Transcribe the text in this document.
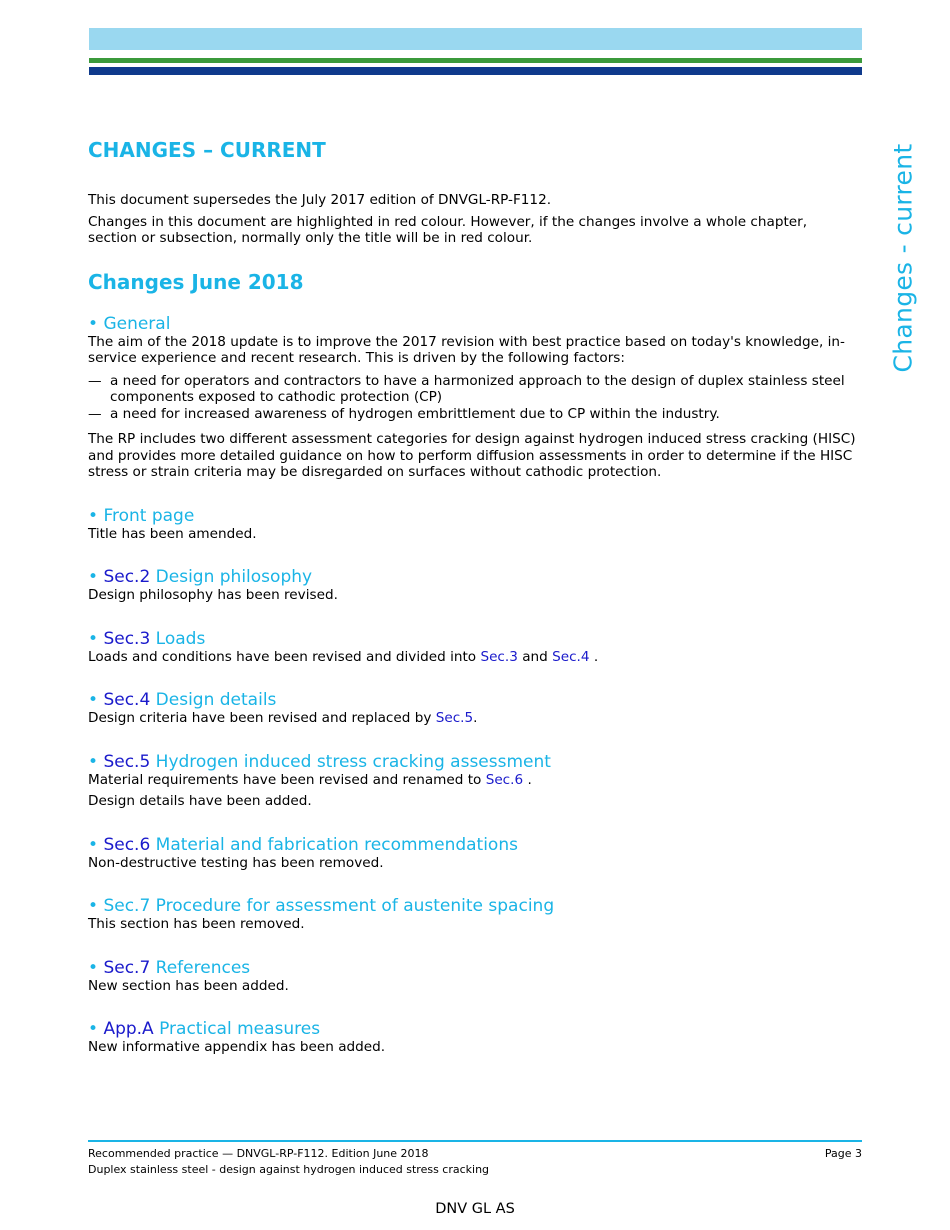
Changes - current
CHANGES – CURRENT

This document supersedes the July 2017 edition of DNVGL-RP-F112.

Changes in this document are highlighted in red colour. However, if the changes involve a whole chapter, section or subsection, normally only the title will be in red colour.

Changes June 2018

• General

The aim of the 2018 update is to improve the 2017 revision with best practice based on today's knowledge, in-service experience and recent research. This is driven by the following factors:

— a need for operators and contractors to have a harmonized approach to the design of duplex stainless steel components exposed to cathodic protection (CP)
— a need for increased awareness of hydrogen embrittlement due to CP within the industry.

The RP includes two different assessment categories for design against hydrogen induced stress cracking (HISC) and provides more detailed guidance on how to perform diffusion assessments in order to determine if the HISC stress or strain criteria may be disregarded on surfaces without cathodic protection.

• Front page

Title has been amended.

• Sec.2 Design philosophy

Design philosophy has been revised.

• Sec.3 Loads

Loads and conditions have been revised and divided into Sec.3 and Sec.4 .

• Sec.4 Design details

Design criteria have been revised and replaced by Sec.5.

• Sec.5 Hydrogen induced stress cracking assessment

Material requirements have been revised and renamed to Sec.6 .

Design details have been added.

• Sec.6 Material and fabrication recommendations

Non-destructive testing has been removed.

• Sec.7 Procedure for assessment of austenite spacing

This section has been removed.

• Sec.7 References

New section has been added.

• App.A Practical measures

New informative appendix has been added.

Recommended practice — DNVGL-RP-F112. Edition June 2018
Duplex stainless steel - design against hydrogen induced stress cracking
Page 3
DNV GL AS
